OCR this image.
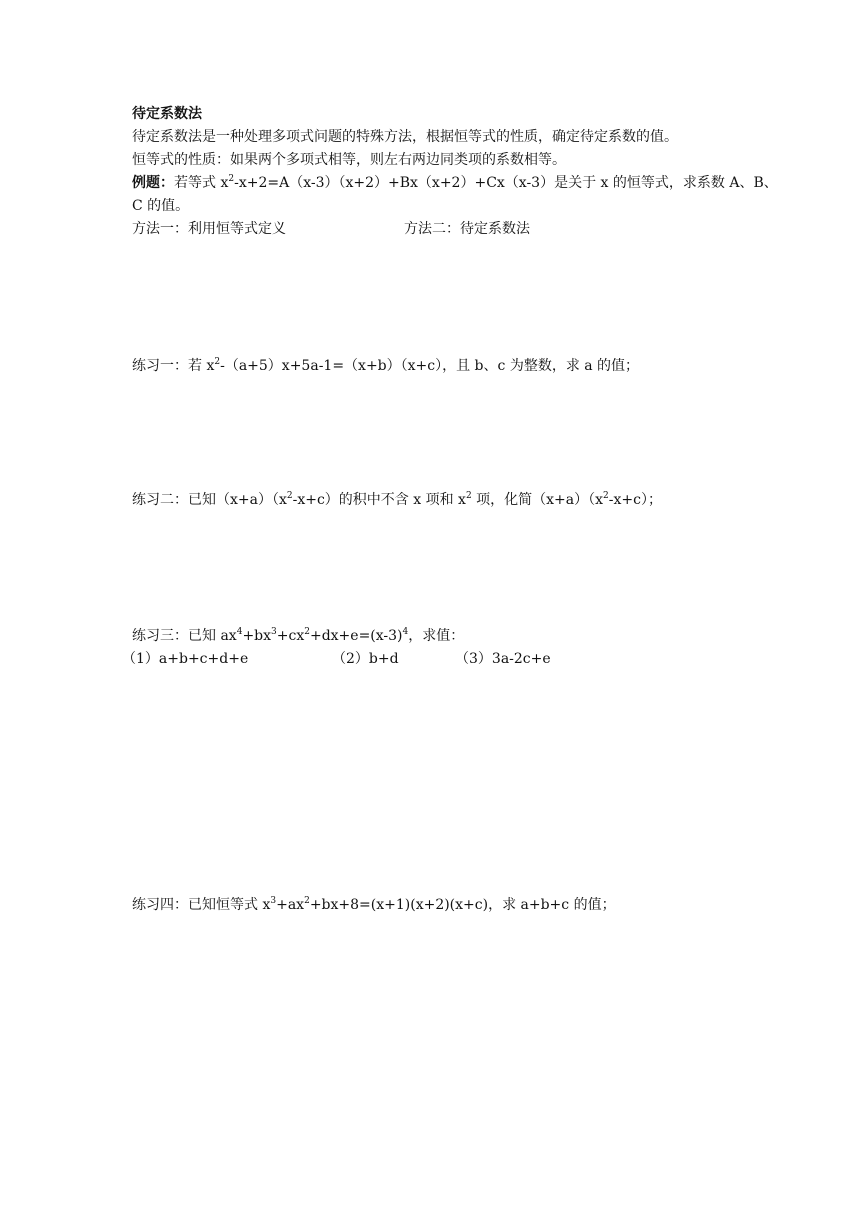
待定系数法
待定系数法是一种处理多项式问题的特殊方法，根据恒等式的性质，确定待定系数的值。
恒等式的性质：如果两个多项式相等，则左右两边同类项的系数相等。
例题：若等式 $x^2-x+2=A(x-3)(x+2)+Bx(x+2)+Cx(x-3)$是关于 x 的恒等式，求系数 A、B、
C 的值。
方法一：利用恒等式定义	方法二：待定系数法
练习一：若 $x^2-(a+5)x+5a-1=(x+b)(x+c)$，且 b、c 为整数，求 a 的值；
练习二：已知$(x+a)(x^2-x+c)$的积中不含 x 项和 $x^2$ 项，化简$(x+a)(x^2-x+c)$；
练习三：已知 $ax^4+bx^3+cx^2+dx+e=(x-3)^4$，求值：
（1）a+b+c+d+e	（2）b+d	（3）3a-2c+e
练习四：已知恒等式 $x^3+ax^2+bx+8=(x+1)(x+2)(x+c)$，求 a+b+c 的值；
